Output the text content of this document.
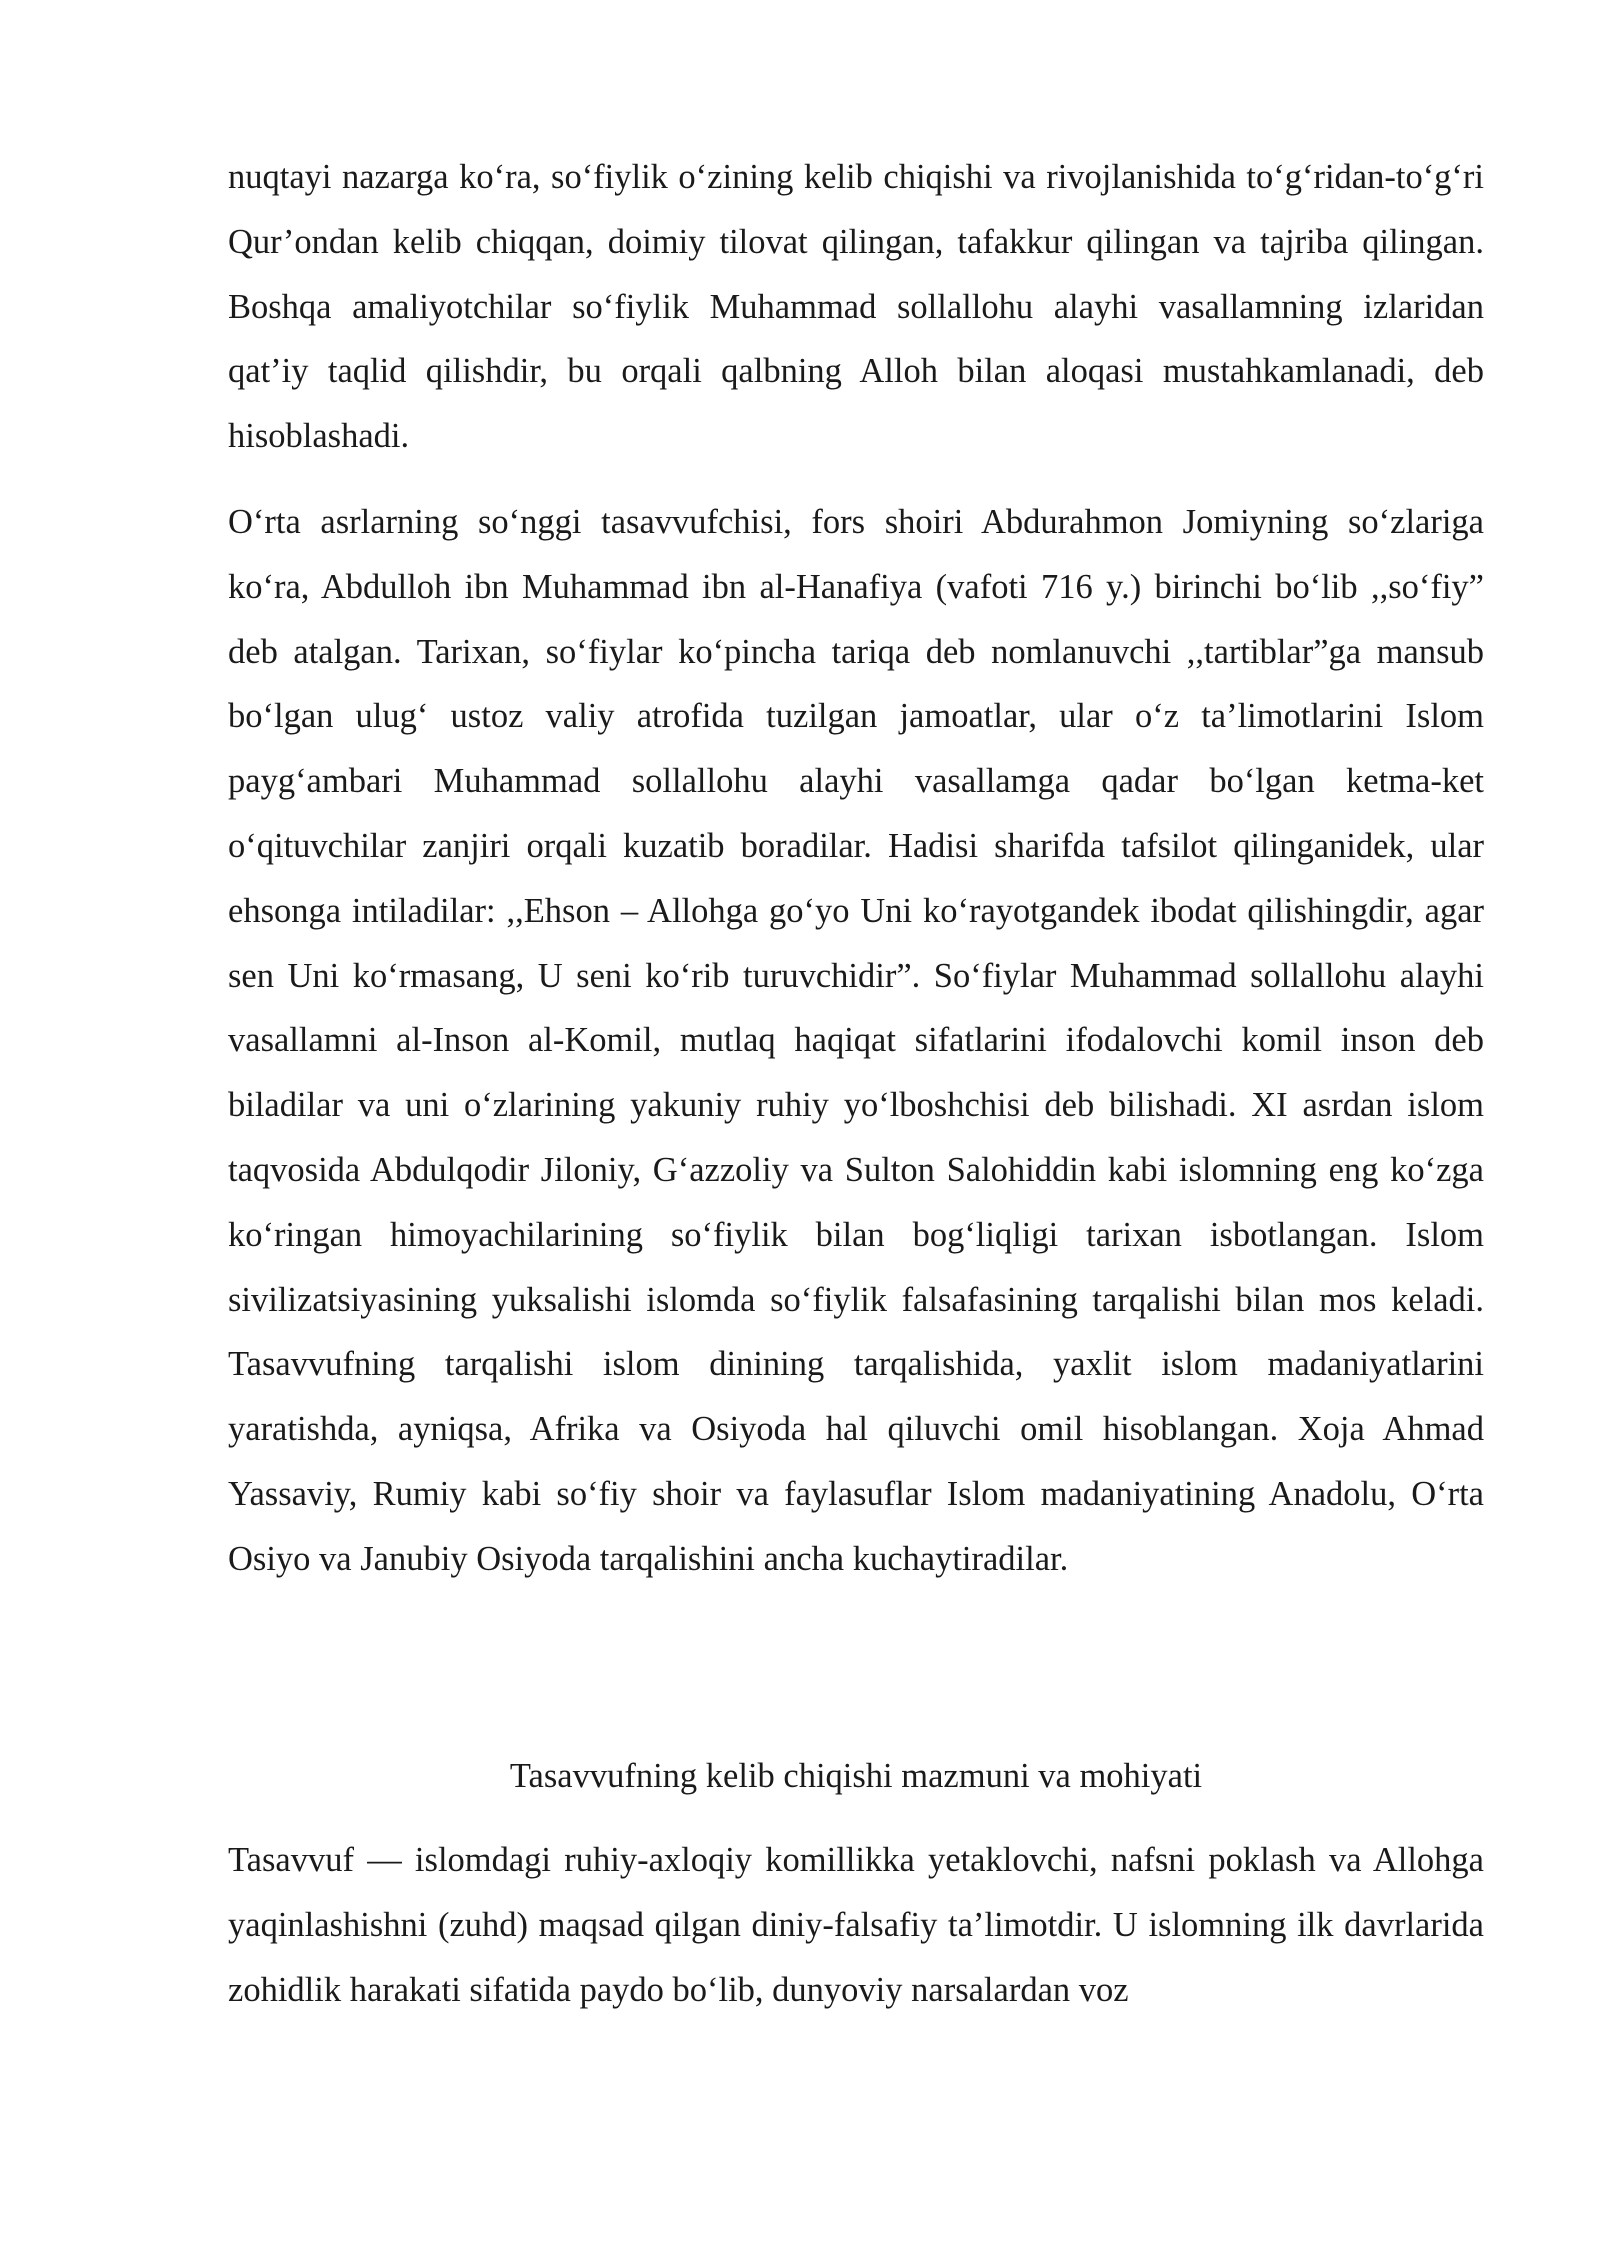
nuqtayi nazarga ko‘ra, so‘fiylik o‘zining kelib chiqishi va rivojlanishida to‘g‘ridan-to‘g‘ri Qur’ondan kelib chiqqan, doimiy tilovat qilingan, tafakkur qilingan va tajriba qilingan. Boshqa amaliyotchilar so‘fiylik Muhammad sollallohu alayhi vasallamning izlaridan qat’iy taqlid qilishdir, bu orqali qalbning Alloh bilan aloqasi mustahkamlanadi, deb hisoblashadi.

O‘rta asrlarning so‘nggi tasavvufchisi, fors shoiri Abdurahmon Jomiyning so‘zlariga ko‘ra, Abdulloh ibn Muhammad ibn al-Hanafiya (vafoti 716 y.) birinchi bo‘lib ,,so‘fiy” deb atalgan. Tarixan, so‘fiylar ko‘pincha tariqa deb nomlanuvchi ,,tartiblar”ga mansub bo‘lgan ulug‘ ustoz valiy atrofida tuzilgan jamoatlar, ular o‘z ta’limotlarini Islom payg‘ambari Muhammad sollallohu alayhi vasallamga qadar bo‘lgan ketma-ket o‘qituvchilar zanjiri orqali kuzatib boradilar. Hadisi sharifda tafsilot qilinganidek, ular ehsonga intiladilar: ,,Ehson – Allohga go‘yo Uni ko‘rayotgandek ibodat qilishingdir, agar sen Uni ko‘rmasang, U seni ko‘rib turuvchidir”. So‘fiylar Muhammad sollallohu alayhi vasallamni al-Inson al-Komil, mutlaq haqiqat sifatlarini ifodalovchi komil inson deb biladilar va uni o‘zlarining yakuniy ruhiy yo‘lboshchisi deb bilishadi. XI asrdan islom taqvosida Abdulqodir Jiloniy, G‘azzoliy va Sulton Salohiddin kabi islomning eng ko‘zga ko‘ringan himoyachilarining so‘fiylik bilan bog‘liqligi tarixan isbotlangan. Islom sivilizatsiyasining yuksalishi islomda so‘fiylik falsafasining tarqalishi bilan mos keladi. Tasavvufning tarqalishi islom dinining tarqalishida, yaxlit islom madaniyatlarini yaratishda, ayniqsa, Afrika va Osiyoda hal qiluvchi omil hisoblangan. Xoja Ahmad Yassaviy, Rumiy kabi so‘fiy shoir va faylasuflar Islom madaniyatining Anadolu, O‘rta Osiyo va Janubiy Osiyoda tarqalishini ancha kuchaytiradilar.

Tasavvufning kelib chiqishi mazmuni va mohiyati

Tasavvuf — islomdagi ruhiy-axloqiy komillikka yetaklovchi, nafsni poklash va Allohga yaqinlashishni (zuhd) maqsad qilgan diniy-falsafiy ta’limotdir. U islomning ilk davrlarida zohidlik harakati sifatida paydo bo‘lib, dunyoviy narsalardan voz
